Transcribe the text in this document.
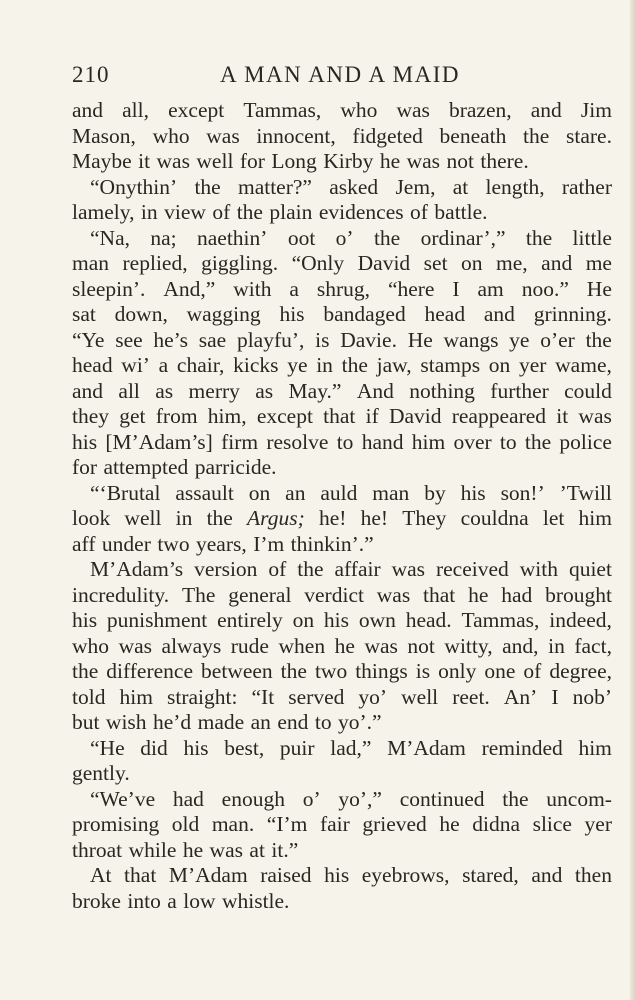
210	A MAN AND A MAID
and all, except Tammas, who was brazen, and Jim
Mason, who was innocent, fidgeted beneath the stare.
Maybe it was well for Long Kirby he was not there.
“Onythin’ the matter?” asked Jem, at length, rather
lamely, in view of the plain evidences of battle.
“Na, na; naethin’ oot o’ the ordinar’,” the little
man replied, giggling. “Only David set on me, and me
sleepin’. And,” with a shrug, “here I am noo.” He
sat down, wagging his bandaged head and grinning.
“Ye see he’s sae playfu’, is Davie. He wangs ye o’er the
head wi’ a chair, kicks ye in the jaw, stamps on yer wame,
and all as merry as May.” And nothing further could
they get from him, except that if David reappeared it was
his [M’Adam’s] firm resolve to hand him over to the police
for attempted parricide.
“‘Brutal assault on an auld man by his son!’ ’Twill
look well in the Argus; he! he! They couldna let him
aff under two years, I’m thinkin’.”
M’Adam’s version of the affair was received with quiet
incredulity. The general verdict was that he had brought
his punishment entirely on his own head. Tammas, indeed,
who was always rude when he was not witty, and, in fact,
the difference between the two things is only one of degree,
told him straight: “It served yo’ well reet. An’ I nob’
but wish he’d made an end to yo’.”
“He did his best, puir lad,” M’Adam reminded him
gently.
“We’ve had enough o’ yo’,” continued the uncom-
promising old man. “I’m fair grieved he didna slice yer
throat while he was at it.”
At that M’Adam raised his eyebrows, stared, and then
broke into a low whistle.
